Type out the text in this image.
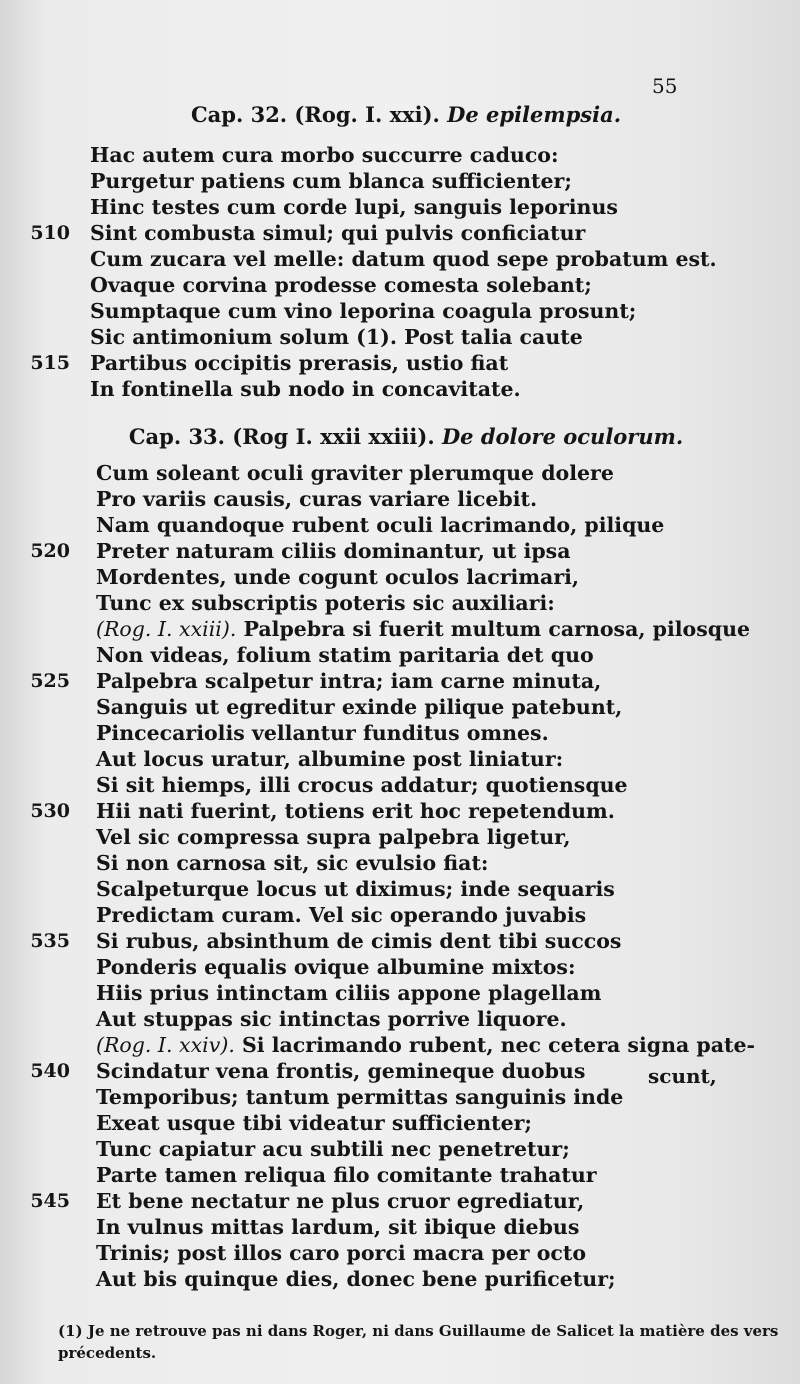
55
Cap. 32. (Rog. I. xxi). De epilempsia.
Cap. 33. (Rog I. xxii xxiii). De dolore oculorum.
Hac autem cura morbo succurre caduco:
Purgetur patiens cum blanca sufficienter;
Hinc testes cum corde lupi, sanguis leporinus
510 Sint combusta simul; qui pulvis conficiatur
Cum zucara vel melle: datum quod sepe probatum est.
Ovaque corvina prodesse comesta solebant;
Sumptaque cum vino leporina coagula prosunt;
Sic antimonium solum (1). Post talia caute
515 Partibus occipitis prerasis, ustio fiat
In fontinella sub nodo in concavitate.
Cum soleant oculi graviter plerumque dolere
Pro variis causis, curas variare licebit.
Nam quandoque rubent oculi lacrimando, pilique
520 Preter naturam ciliis dominantur, ut ipsa
Mordentes, unde cogunt oculos lacrimari,
Tunc ex subscriptis poteris sic auxiliari:
(Rog. I. xxiii). Palpebra si fuerit multum carnosa, pilosque
Non videas, folium statim paritaria det quo
525 Palpebra scalpetur intra; iam carne minuta,
Sanguis ut egreditur exinde pilique patebunt,
Pincecariolis vellantur funditus omnes.
Aut locus uratur, albumine post liniatur:
Si sit hiemps, illi crocus addatur; quotiensque
530 Hii nati fuerint, totiens erit hoc repetendum.
Vel sic compressa supra palpebra ligetur,
Si non carnosa sit, sic evulsio fiat:
Scalpeturque locus ut diximus; inde sequaris
Predictam curam. Vel sic operando juvabis
535 Si rubus, absinthum de cimis dent tibi succos
Ponderis equalis ovique albumine mixtos:
Hiis prius intinctam ciliis appone plagellam
Aut stuppas sic intinctas porrive liquore.
(Rog. I. xxiv). Si lacrimando rubent, nec cetera signa pate-
540 Scindatur vena frontis, gemineque duobus
Temporibus; tantum permittas sanguinis inde
Exeat usque tibi videatur sufficienter;
Tunc capiatur acu subtili nec penetretur;
Parte tamen reliqua filo comitante trahatur
545 Et bene nectatur ne plus cruor egrediatur,
In vulnus mittas lardum, sit ibique diebus
Trinis; post illos caro porci macra per octo
Aut bis quinque dies, donec bene purificetur;
scunt,
(1) Je ne retrouve pas ni dans Roger, ni dans Guillaume de Salicet la matière des vers précedents.
